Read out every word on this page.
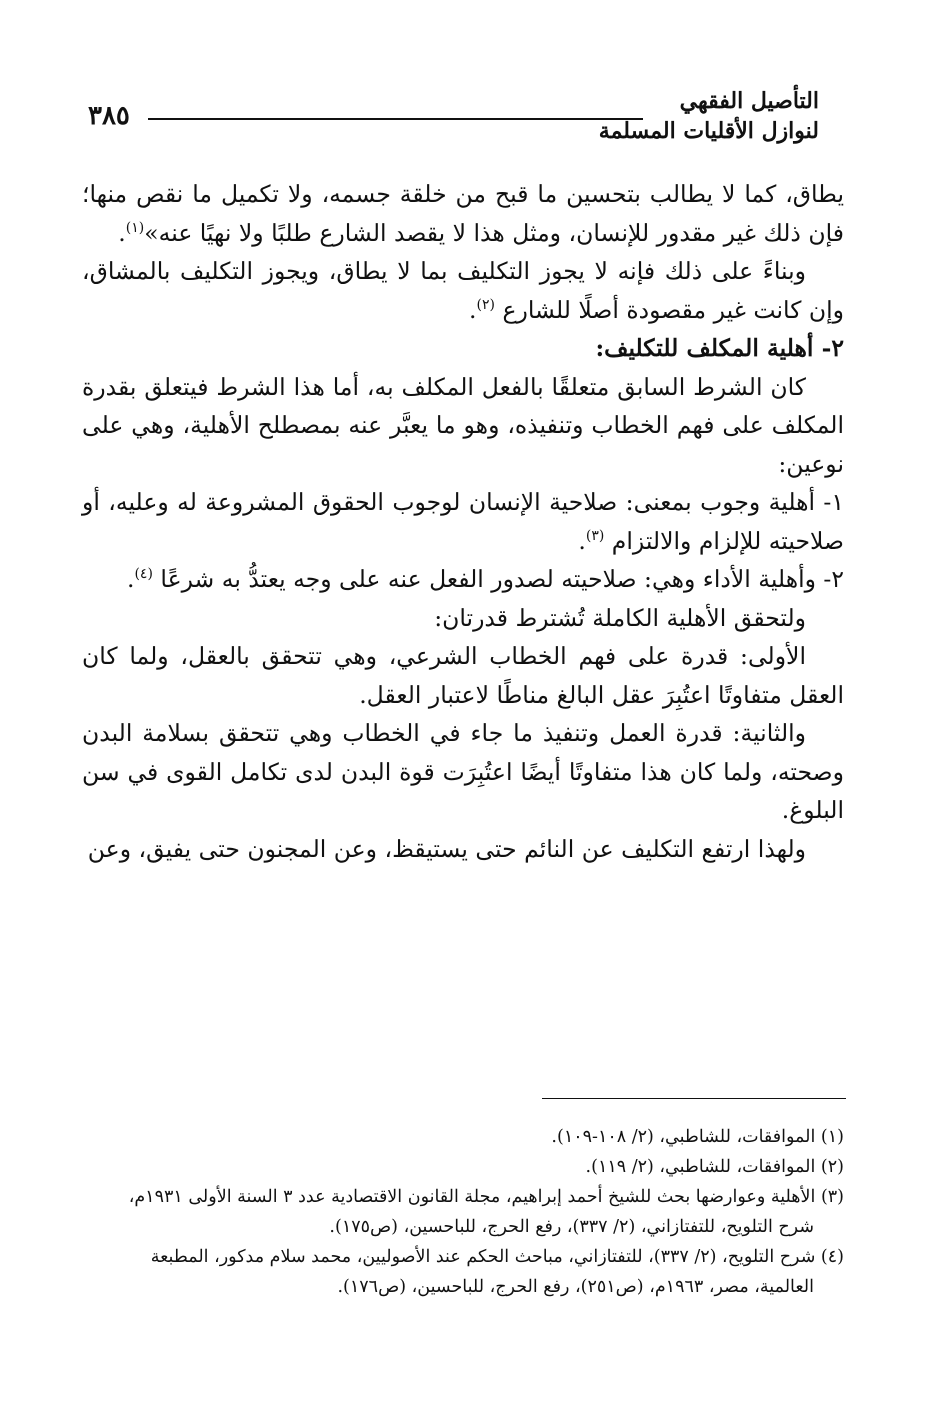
التأصيل الفقهي
لنوازل الأقليات المسلمة
٣٨٥

يطاق، كما لا يطالب بتحسين ما قبح من خلقة جسمه، ولا تكميل ما نقص منها؛ فإن ذلك غير مقدور للإنسان، ومثل هذا لا يقصد الشارع طلبًا ولا نهيًا عنه»$^{(١)}$.

وبناءً على ذلك فإنه لا يجوز التكليف بما لا يطاق، ويجوز التكليف بالمشاق، وإن كانت غير مقصودة أصلًا للشارع $^{(٢)}$.

٢- أهلية المكلف للتكليف:

كان الشرط السابق متعلقًا بالفعل المكلف به، أما هذا الشرط فيتعلق بقدرة المكلف على فهم الخطاب وتنفيذه، وهو ما يعبَّر عنه بمصطلح الأهلية، وهي على نوعين:

١- أهلية وجوب بمعنى: صلاحية الإنسان لوجوب الحقوق المشروعة له وعليه، أو صلاحيته للإلزام والالتزام $^{(٣)}$.

٢- وأهلية الأداء وهي: صلاحيته لصدور الفعل عنه على وجه يعتدُّ به شرعًا $^{(٤)}$.

ولتحقق الأهلية الكاملة تُشترط قدرتان:

الأولى: قدرة على فهم الخطاب الشرعي، وهي تتحقق بالعقل، ولما كان العقل متفاوتًا اعتُبِرَ عقل البالغ مناطًا لاعتبار العقل.

والثانية: قدرة العمل وتنفيذ ما جاء في الخطاب وهي تتحقق بسلامة البدن وصحته، ولما كان هذا متفاوتًا أيضًا اعتُبِرَت قوة البدن لدى تكامل القوى في سن البلوغ.

ولهذا ارتفع التكليف عن النائم حتى يستيقظ، وعن المجنون حتى يفيق، وعن

(١) الموافقات، للشاطبي، (٢/ ١٠٨-١٠٩).

(٢) الموافقات، للشاطبي، (٢/ ١١٩).

(٣) الأهلية وعوارضها بحث للشيخ أحمد إبراهيم، مجلة القانون الاقتصادية عدد ٣ السنة الأولى ١٩٣١م،

شرح التلويح، للتفتازاني، (٢/ ٣٣٧)، رفع الحرج، للباحسين، (ص١٧٥).

(٤) شرح التلويح، (٢/ ٣٣٧)، للتفتازاني، مباحث الحكم عند الأصوليين، محمد سلام مدكور، المطبعة

العالمية، مصر، ١٩٦٣م، (ص٢٥١)، رفع الحرج، للباحسين، (ص١٧٦).
